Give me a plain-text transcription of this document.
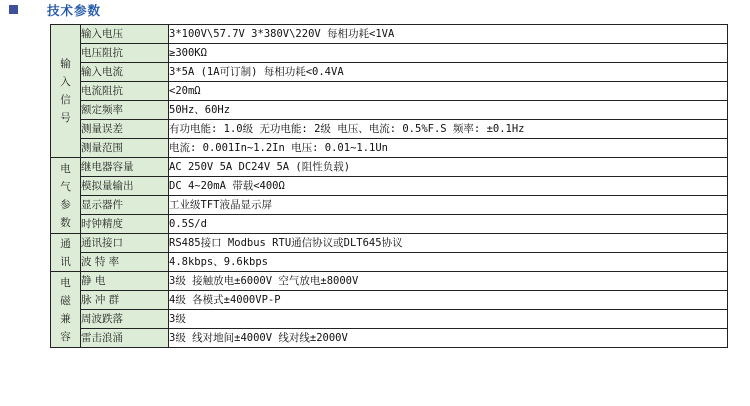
技术参数
输
入
信
号	输入电压	3*100V\57.7V 3*380V\220V 每相功耗<1VA
	电压阻抗	≥300KΩ
	输入电流	3*5A (1A可订制) 每相功耗<0.4VA
	电流阻抗	<20mΩ
	额定频率	50Hz、60Hz
	测量误差	有功电能: 1.0级 无功电能: 2级 电压、电流: 0.5%F.S 频率: ±0.1Hz
	测量范围	电流: 0.001In~1.2In 电压: 0.01~1.1Un

电
气
参
数	继电器容量	AC 250V 5A DC24V 5A (阻性负载)
	模拟量输出	DC 4~20mA 带载<400Ω
	显示器件	工业级TFT液晶显示屏
	时钟精度	0.5S/d

通
讯	通讯接口	RS485接口 Modbus RTU通信协议或DLT645协议
	波 特 率	4.8kbps、9.6kbps

电
磁
兼
容	静 电	3级 接触放电±6000V 空气放电±8000V
	脉 冲 群	4级 各模式±4000VP-P
	周波跌落	3级
	雷击浪涌	3级 线对地间±4000V 线对线±2000V
